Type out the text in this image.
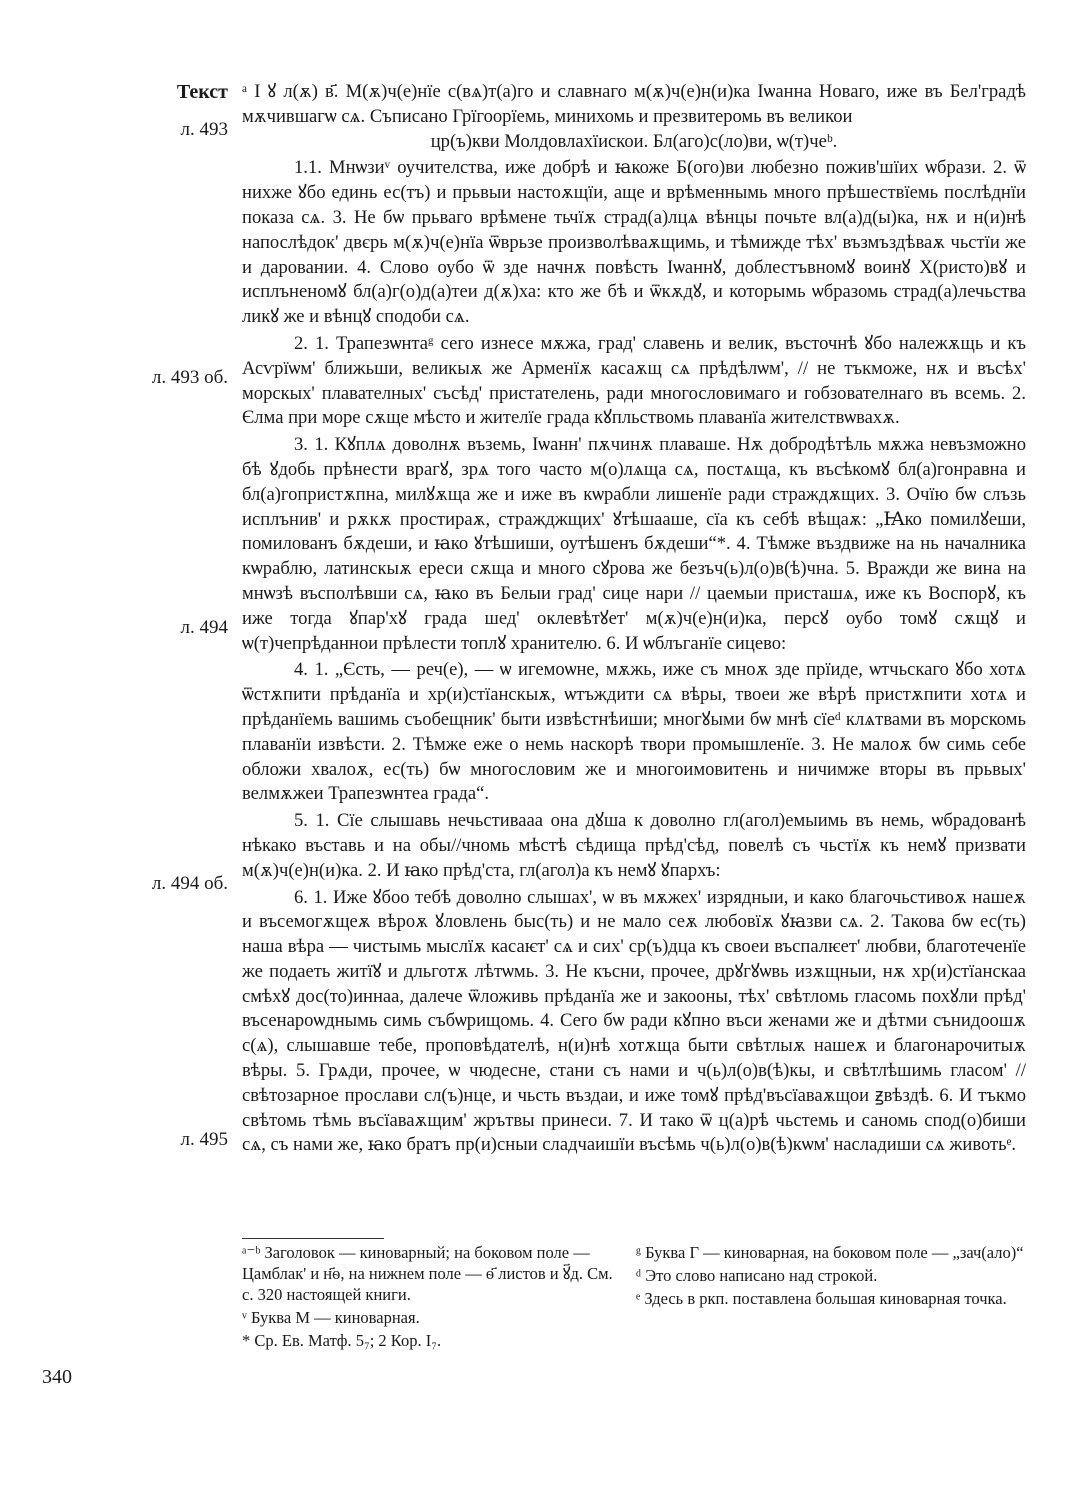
Текст
л. 493
л. 493 об.
л. 494
л. 494 об.
л. 495
ᵃ І ꙋ л(ѫ) в҃. М(ѫ)ч(е)нїе с(вѧ)т(а)го и славнаго м(ѫ)ч(е)н(и)ка Іѡанна Новаго, иже въ Бел'градѣ мѫчившагѡ сѧ. Съписано Грїгоорїемь, минихомь и презвитеромь въ великои
цр(ъ)кви Молдовлахїискои. Бл(аго)с(ло)ви, ѡ(т)чеᵇ.

1.1. Мнѡзиᵛ оучителства, иже добрѣ и ꙗкоже Б(ого)ви любезно пожив'шїих ѡбрази. 2. ѿ нихже ꙋбо единь ес(тъ) и прьвыи настоѫщїи, аще и врѣменнымь много прѣшествїемь послѣднїи показа сѧ. 3. Не бѡ прьваго врѣмене тьчїѫ страд(а)лцѧ вѣнцы почьте вл(а)д(ы)ка, нѫ и н(и)нѣ напослѣдок' двєрь м(ѫ)ч(е)нїа ѿврьзе произволѣваѫщимь, и тѣмижде тѣх' възмъздѣваѫ чьстїи же и даровании. 4. Слово оубо ѿ зде начнѫ повѣсть Іѡаннꙋ, доблестъвномꙋ воинꙋ Х(ристо)вꙋ и исплъненомꙋ бл(а)г(о)д(а)теи д(ѫ)ха: кто же бѣ и ѿкѫдꙋ, и которымь ѡбразомь страд(а)лечьства ликꙋ же и вѣнцꙋ сподоби сѧ.

2. 1. Трапезѡнтаᵍ сего изнесе мѫжа, град' славень и велик, въсточнѣ ꙋбо належѫщь и къ Асѵрїѡм' ближьши, великыѫ же Арменїѫ касаѫщ сѧ прѣдѣлѡм', // не тъкможе, нѫ и въсѣх' морскых' плавателных' съсѣд' пристателень, ради многословимаго и гобзователнаго въ всемь. 2. Єлма при море сѫще мѣсто и жителїе града кꙋпльствомь плаванїа жителствѡвахѫ.

3. 1. Кꙋплѧ доволнѫ въземь, Іѡанн' пѫчинѫ плаваше. Нѫ добродѣтѣль мѫжа невъзможно бѣ ꙋдобь прѣнести врагꙋ, зрѧ того часто м(о)лѧща сѧ, постѧща, къ въсѣкомꙋ бл(а)гонравна и бл(а)гопристѫпна, милꙋѫща же и иже въ кѡрабли лишенїе ради страждѫщих. 3. Очїю бѡ слъзь исплънив' и рѫкѫ простираѫ, стражджщих' ꙋтѣшааше, сїа къ себѣ вѣщаѫ: „Ꙗко помилꙋеши, помилованъ бѫдеши, и ꙗко ꙋтѣшиши, оутѣшенъ бѫдеши“*. 4. Тѣмже въздвиже на нь началника кѡраблю, латинскыѫ ереси сѫща и много сꙋрова же безъч(ь)л(о)в(ѣ)чна. 5. Вражди же вина на мнѡзѣ въсполѣвши сѧ, ꙗко въ Белыи град' сице нари // цаемыи присташѧ, иже къ Воспорꙋ, къ иже тогда ꙋпар'хꙋ града шед' оклевѣтꙋет' м(ѫ)ч(е)н(и)ка, персꙋ оубо томꙋ сѫщꙋ и ѡ(т)чепрѣданнои прѣлести топлꙋ хранителю. 6. И ѡблъганїе сицево:

4. 1. „Єсть, — реч(е), — ѡ игемоѡне, мѫжь, иже съ мноѫ зде прїиде, ѡтчьскаго ꙋбо хотѧ ѿстѫпити прѣданїа и хр(и)стїанскыѫ, ѡтъждити сѧ вѣры, твоеи же вѣрѣ пристѫпити хотѧ и прѣданїемь вашимь съобещник' быти извѣстнѣиши; многꙋыми бѡ мнѣ сїеᵈ клѧтвами въ морскомь плаванїи извѣсти. 2. Тѣмже еже о немь наскорѣ твори промышленїе. 3. Не малоѫ бѡ симь себе обложи хвалоѫ, ес(ть) бѡ многословим же и многоимовитень и ничимже вторы въ прьвых' велмѫжеи Трапезѡнтеа града“.

5. 1. Сїе слышавь нечьстивааа она дꙋша к доволно гл(агол)емыимь въ немь, ѡбрадованѣ нѣкако въставь и на обы//чномь мѣстѣ сѣдища прѣд'сѣд, повелѣ съ чьстїѫ къ немꙋ призвати м(ѫ)ч(е)н(и)ка. 2. И ꙗко прѣд'ста, гл(агол)а къ немꙋ ꙋпархъ:

6. 1. Иже ꙋбоо тебѣ доволно слышах', ѡ въ мѫжех' изрядныи, и како благочьстивоѫ нашеѫ и въсемогѫщеѫ вѣроѫ ꙋловлень быс(ть) и не мало сеѫ любовїѫ ꙋꙗзви сѧ. 2. Такова бѡ ес(ть) наша вѣра — чистымь мыслїѫ касаѥт' сѧ и сих' ср(ъ)дца къ своеи въспалѥет' любви, благотеченїе же подаеть житїꙋ и дльготѫ лѣтѡмь. 3. Не късни, прочее, дрꙋгꙋѡвь изѫщныи, нѫ хр(и)стїанскаа смѣхꙋ дос(то)иннаа, далече ѿложивь прѣданїа же и закооны, тѣх' свѣтломь гласомь похꙋли прѣд' въсенароѡднымь симь събѡрищомь. 4. Сего бѡ ради кꙋпно въси женами же и дѣтми сънидоошѫ с(ѧ), слышавше тебе, проповѣдателѣ, н(и)нѣ хотѫща быти свѣтлыѫ нашеѫ и благонарочитыѫ вѣры. 5. Грѧди, прочее, ѡ чюдесне, стани съ нами и ч(ь)л(о)в(ѣ)кы, и свѣтлѣшимь гласом' // свѣтозарное прослави сл(ъ)нце, и чьсть въздаи, и иже томꙋ прѣд'въсїаваѫщои ꙃвѣздѣ. 6. И тъкмо свѣтомь тѣмь въсїаваѫщим' жрътвы принеси. 7. И тако ѿ ц(а)рѣ чьстемь и саномь спод(о)биши сѧ, съ нами же, ꙗко братъ пр(и)сныи сладчаишїи въсѣмь ч(ь)л(о)в(ѣ)кѡм' насладиши сѧ животьᵉ.

ᵃ⁻ᵇ Заголовок — киноварный; на боковом поле — Цамблак' и н҃ѳ, на нижнем поле — ѳ҃ листов и ꙋ҃д. См. с. 320 настоящей книги.

ᵛ Буква М — киноварная.

* Ср. Ев. Матф. 5₇; 2 Кор. І₇.

ᵍ Буква Г — киноварная, на боковом поле — „зач(ало)“

ᵈ Это слово написано над строкой.

ᵉ Здесь в ркп. поставлена большая киноварная точка.

340
